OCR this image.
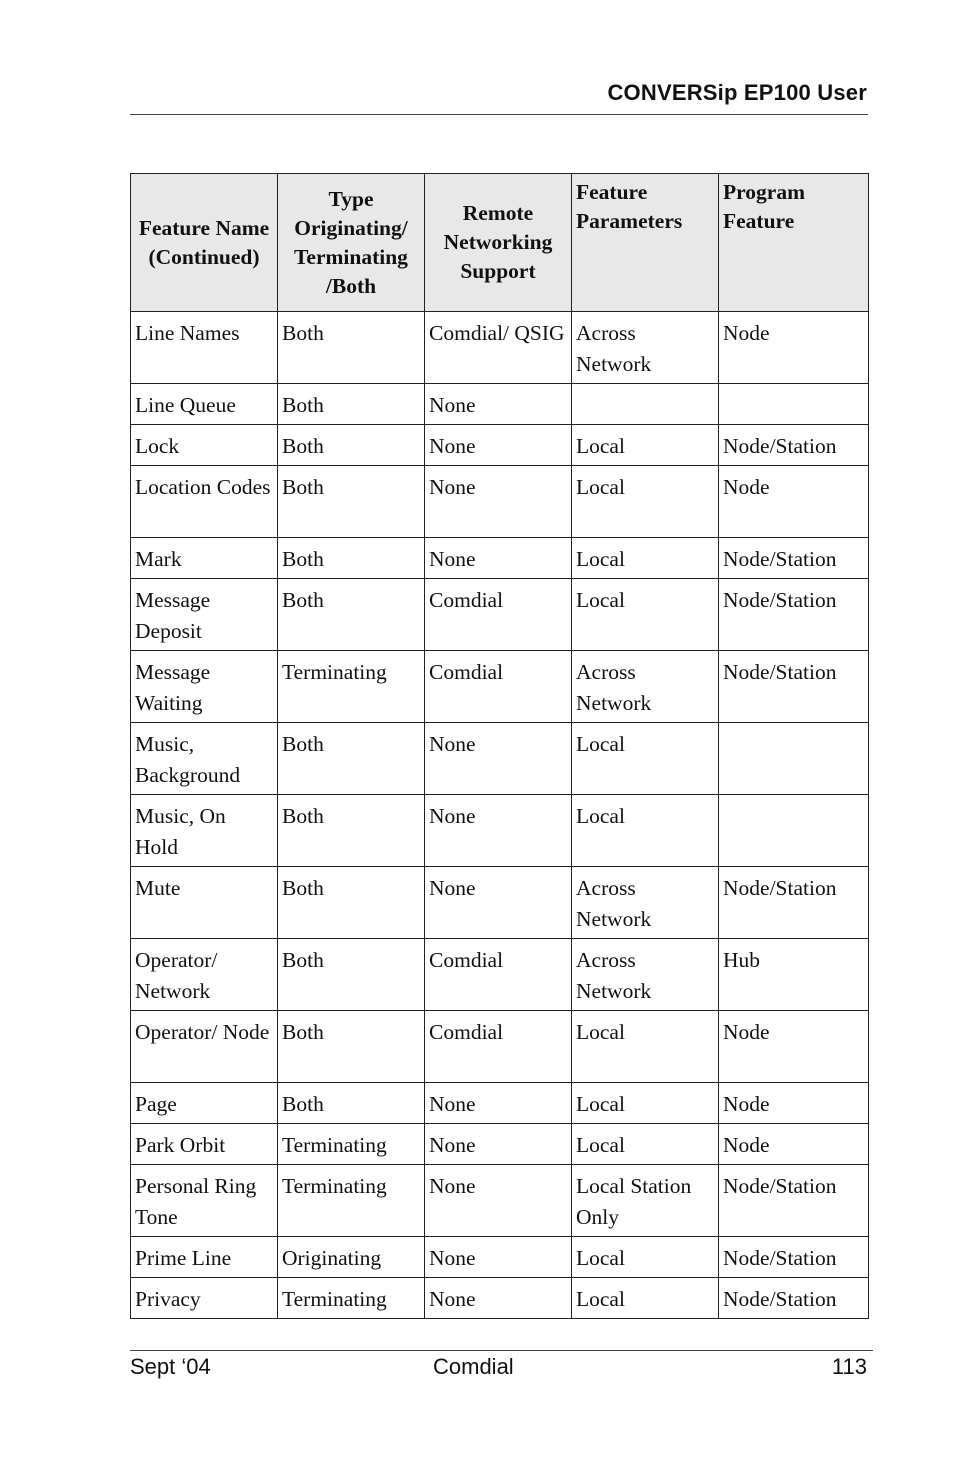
CONVERSip EP100 User
Feature Name (Continued)	Type Originating/ Terminating /Both	Remote Networking Support	Feature Parameters	Program Feature
Line Names	Both	Comdial/ QSIG	Across Network	Node
Line Queue	Both	None		
Lock	Both	None	Local	Node/Station
Location Codes	Both	None	Local	Node
Mark	Both	None	Local	Node/Station
Message Deposit	Both	Comdial	Local	Node/Station
Message Waiting	Terminating	Comdial	Across Network	Node/Station
Music, Background	Both	None	Local	
Music, On Hold	Both	None	Local	
Mute	Both	None	Across Network	Node/Station
Operator/ Network	Both	Comdial	Across Network	Hub
Operator/ Node	Both	Comdial	Local	Node
Page	Both	None	Local	Node
Park Orbit	Terminating	None	Local	Node
Personal Ring Tone	Terminating	None	Local Station Only	Node/Station
Prime Line	Originating	None	Local	Node/Station
Privacy	Terminating	None	Local	Node/Station
Sept ‘04	Comdial	113
